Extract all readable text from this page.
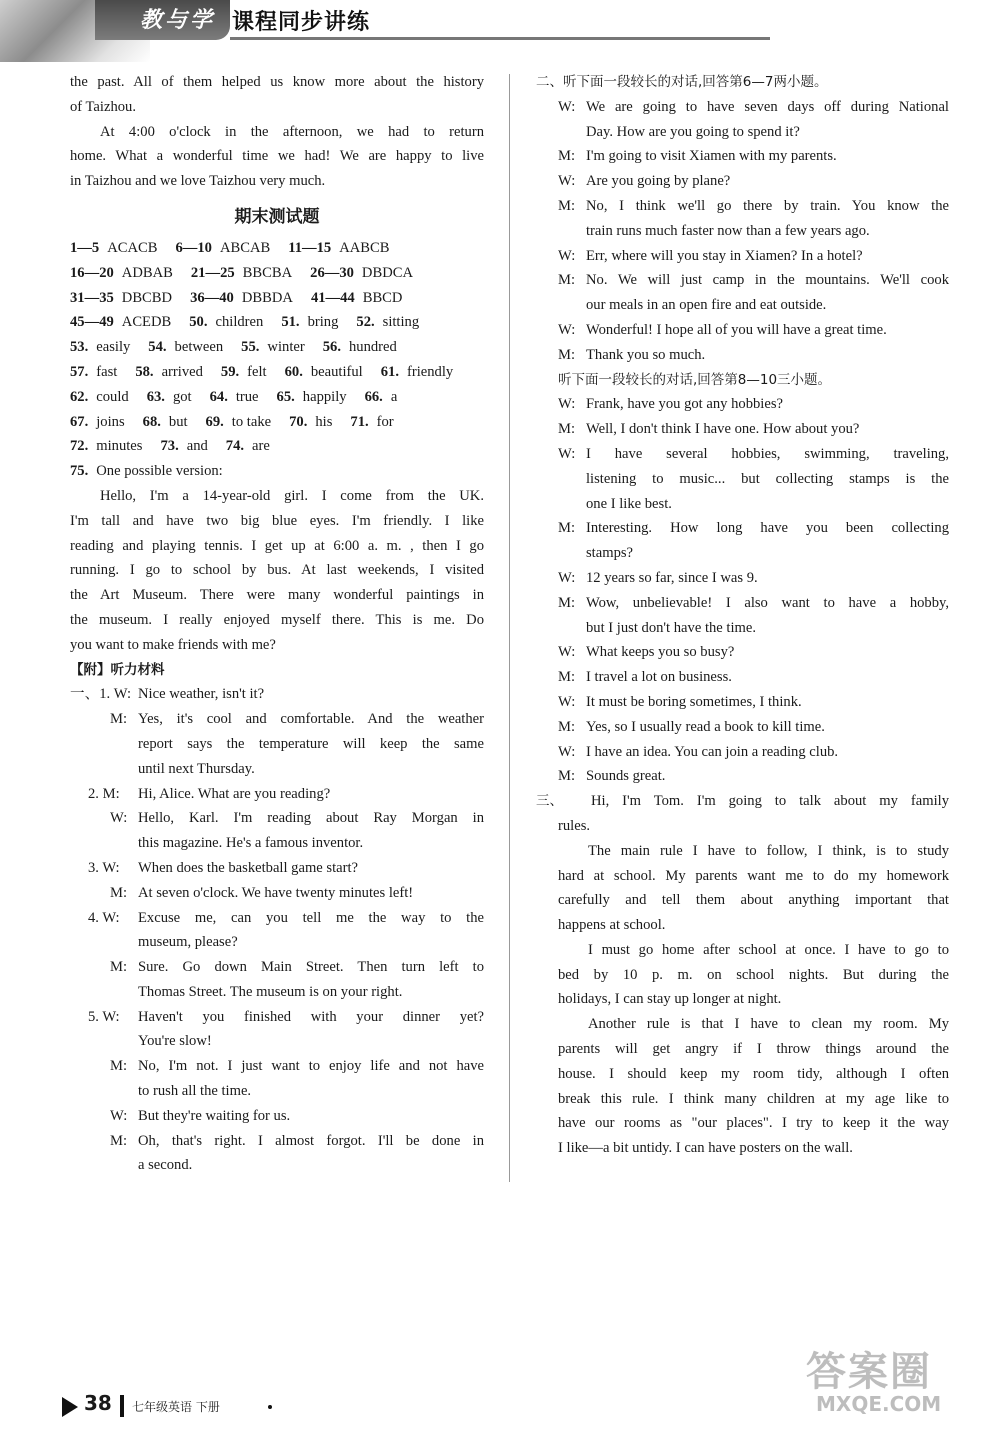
教与学 课程同步讲练

the past. All of them helped us know more about the history

of Taizhou.

At 4:00 o'clock in the afternoon, we had to return

home. What a wonderful time we had! We are happy to live

in Taizhou and we love Taizhou very much.

期末测试题
1—5 ACACB 6—10 ABCAB 11—15 AABCB
16—20 ADBAB 21—25 BBCBA 26—30 DBDCA
31—35 DBCBD 36—40 DBBDA 41—44 BBCD
45—49 ACEDB 50. children 51. bring 52. sitting
53. easily 54. between 55. winter 56. hundred
57. fast 58. arrived 59. felt 60. beautiful 61. friendly
62. could 63. got 64. true 65. happily 66. a
67. joins 68. but 69. to take 70. his 71. for
72. minutes 73. and 74. are
75. One possible version:

Hello, I'm a 14-year-old girl. I come from the UK.

I'm tall and have two big blue eyes. I'm friendly. I like

reading and playing tennis. I get up at 6:00 a. m. , then I go

running. I go to school by bus. At last weekends, I visited

the Art Museum. There were many wonderful paintings in

the museum. I really enjoyed myself there. This is me. Do

you want to make friends with me?

【附】听力材料
一、1. W: Nice weather, isn't it?
M: Yes, it's cool and comfortable. And the weather
report says the temperature will keep the same
until next Thursday.
2. M:	Hi, Alice. What are you reading?
W: Hello, Karl. I'm reading about Ray Morgan in
this magazine. He's a famous inventor.
3. W:	When does the basketball game start?
M: At seven o'clock. We have twenty minutes left!
4. W:	Excuse me, can you tell me the way to the
museum, please?
M: Sure. Go down Main Street. Then turn left to
Thomas Street. The museum is on your right.
5. W:	Haven't you finished with your dinner yet?
You're slow!
M: No, I'm not. I just want to enjoy life and not have
to rush all the time.
W: But they're waiting for us.
M: Oh, that's right. I almost forgot. I'll be done in
a second.
二、听下面一段较长的对话,回答第6—7两小题。
W: We are going to have seven days off during National
Day. How are you going to spend it?
M: I'm going to visit Xiamen with my parents.
W: Are you going by plane?
M: No, I think we'll go there by train. You know the
train runs much faster now than a few years ago.
W: Err, where will you stay in Xiamen? In a hotel?
M: No. We will just camp in the mountains. We'll cook
our meals in an open fire and eat outside.
W: Wonderful! I hope all of you will have a great time.
M: Thank you so much.
听下面一段较长的对话,回答第8—10三小题。
W: Frank, have you got any hobbies?
M: Well, I don't think I have one. How about you?
W: I have several hobbies, swimming, traveling,
listening to music... but collecting stamps is the
one I like best.
M: Interesting. How long have you been collecting
stamps?
W: 12 years so far, since I was 9.
M: Wow, unbelievable! I also want to have a hobby,
but I just don't have the time.
W: What keeps you so busy?
M: I travel a lot on business.
W: It must be boring sometimes, I think.
M: Yes, so I usually read a book to kill time.
W: I have an idea. You can join a reading club.
M: Sounds great.
三、	Hi, I'm Tom. I'm going to talk about my family
rules.

The main rule I have to follow, I think, is to study

hard at school. My parents want me to do my homework

carefully and tell them about anything important that

happens at school.

I must go home after school at once. I have to go to

bed by 10 p. m. on school nights. But during the

holidays, I can stay up longer at night.

Another rule is that I have to clean my room. My

parents will get angry if I throw things around the

house. I should keep my room tidy, although I often

break this rule. I think many children at my age like to

have our rooms as "our places". I try to keep it the way

I like—a bit untidy. I can have posters on the wall.

38 七年级英语 下册
答案圈
MXQE.COM
